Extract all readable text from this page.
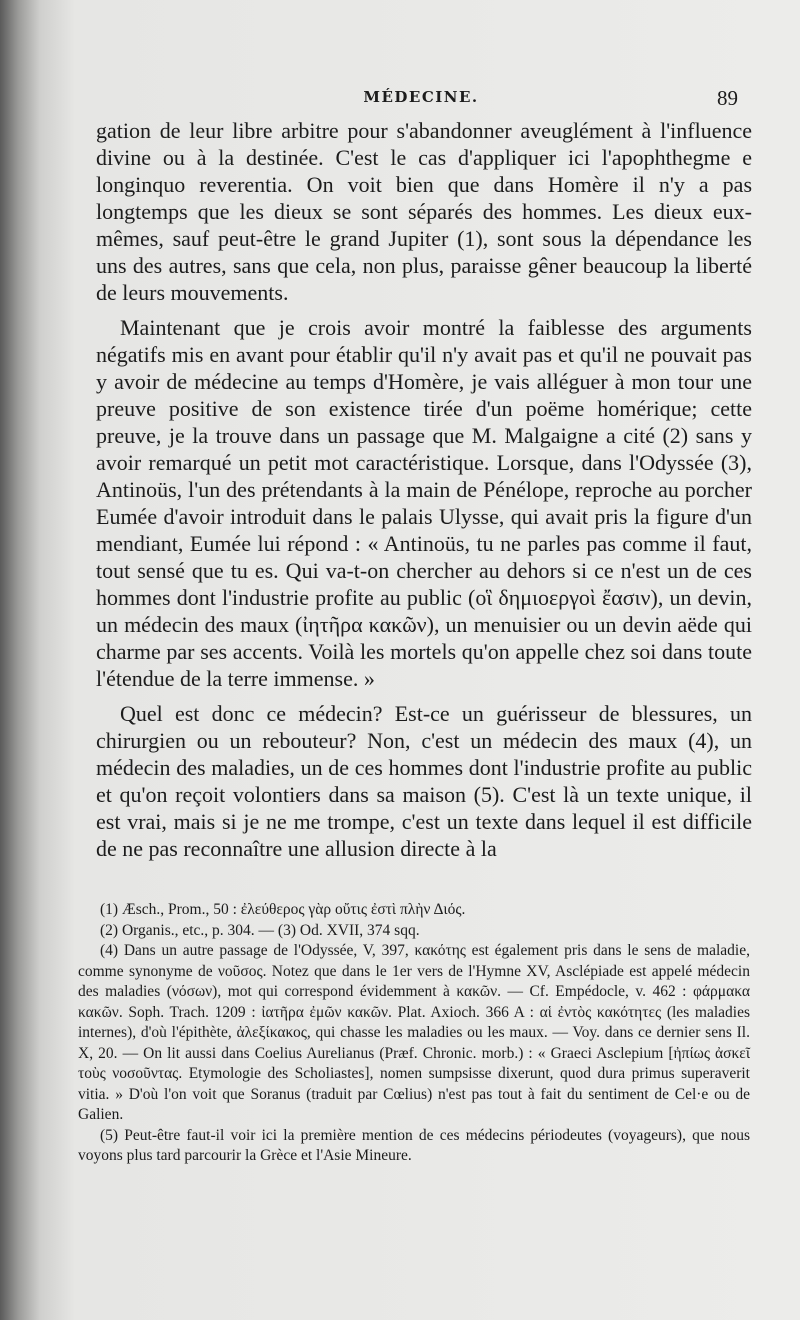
MÉDECINE.	89

gation de leur libre arbitre pour s'abandonner aveuglément à l'influence divine ou à la destinée. C'est le cas d'appliquer ici l'apophthegme e longinquo reverentia. On voit bien que dans Homère il n'y a pas longtemps que les dieux se sont séparés des hommes. Les dieux eux-mêmes, sauf peut-être le grand Jupiter (1), sont sous la dépendance les uns des autres, sans que cela, non plus, paraisse gêner beaucoup la liberté de leurs mouvements.

Maintenant que je crois avoir montré la faiblesse des arguments négatifs mis en avant pour établir qu'il n'y avait pas et qu'il ne pouvait pas y avoir de médecine au temps d'Homère, je vais alléguer à mon tour une preuve positive de son existence tirée d'un poëme homérique; cette preuve, je la trouve dans un passage que M. Malgaigne a cité (2) sans y avoir remarqué un petit mot caractéristique. Lorsque, dans l'Odyssée (3), Antinoüs, l'un des prétendants à la main de Pénélope, reproche au porcher Eumée d'avoir introduit dans le palais Ulysse, qui avait pris la figure d'un mendiant, Eumée lui répond : « Antinoüs, tu ne parles pas comme il faut, tout sensé que tu es. Qui va-t-on chercher au dehors si ce n'est un de ces hommes dont l'industrie profite au public (οἳ δημιοεργοὶ ἔασιν), un devin, un médecin des maux (ἰητῆρα κακῶν), un menuisier ou un devin aëde qui charme par ses accents. Voilà les mortels qu'on appelle chez soi dans toute l'étendue de la terre immense. »

Quel est donc ce médecin? Est-ce un guérisseur de blessures, un chirurgien ou un rebouteur? Non, c'est un médecin des maux (4), un médecin des maladies, un de ces hommes dont l'industrie profite au public et qu'on reçoit volontiers dans sa maison (5). C'est là un texte unique, il est vrai, mais si je ne me trompe, c'est un texte dans lequel il est difficile de ne pas reconnaître une allusion directe à la

(1) Æsch., Prom., 50 : ἐλεύθερος γὰρ οὔτις ἐστὶ πλὴν Διός.

(2) Organis., etc., p. 304. — (3) Od. XVII, 374 sqq.

(4) Dans un autre passage de l'Odyssée, V, 397, κακότης est également pris dans le sens de maladie, comme synonyme de νοῦσος. Notez que dans le 1er vers de l'Hymne XV, Asclépiade est appelé médecin des maladies (νόσων), mot qui correspond évidemment à κακῶν. — Cf. Empédocle, v. 462 : φάρμακα κακῶν. Soph. Trach. 1209 : ἰατῆρα ἐμῶν κακῶν. Plat. Axioch. 366 A : αἱ ἐντὸς κακότητες (les maladies internes), d'où l'épithète, ἀλεξίκακος, qui chasse les maladies ou les maux. — Voy. dans ce dernier sens Il. X, 20. — On lit aussi dans Coelius Aurelianus (Præf. Chronic. morb.) : « Graeci Asclepium [ἠπίως ἀσκεῖ τοὺς νοσοῦντας. Etymologie des Scholiastes], nomen sumpsisse dixerunt, quod dura primus superaverit vitia. » D'où l'on voit que Soranus (traduit par Cœlius) n'est pas tout à fait du sentiment de Cel·e ou de Galien.

(5) Peut-être faut-il voir ici la première mention de ces médecins périodeutes (voyageurs), que nous voyons plus tard parcourir la Grèce et l'Asie Mineure.
